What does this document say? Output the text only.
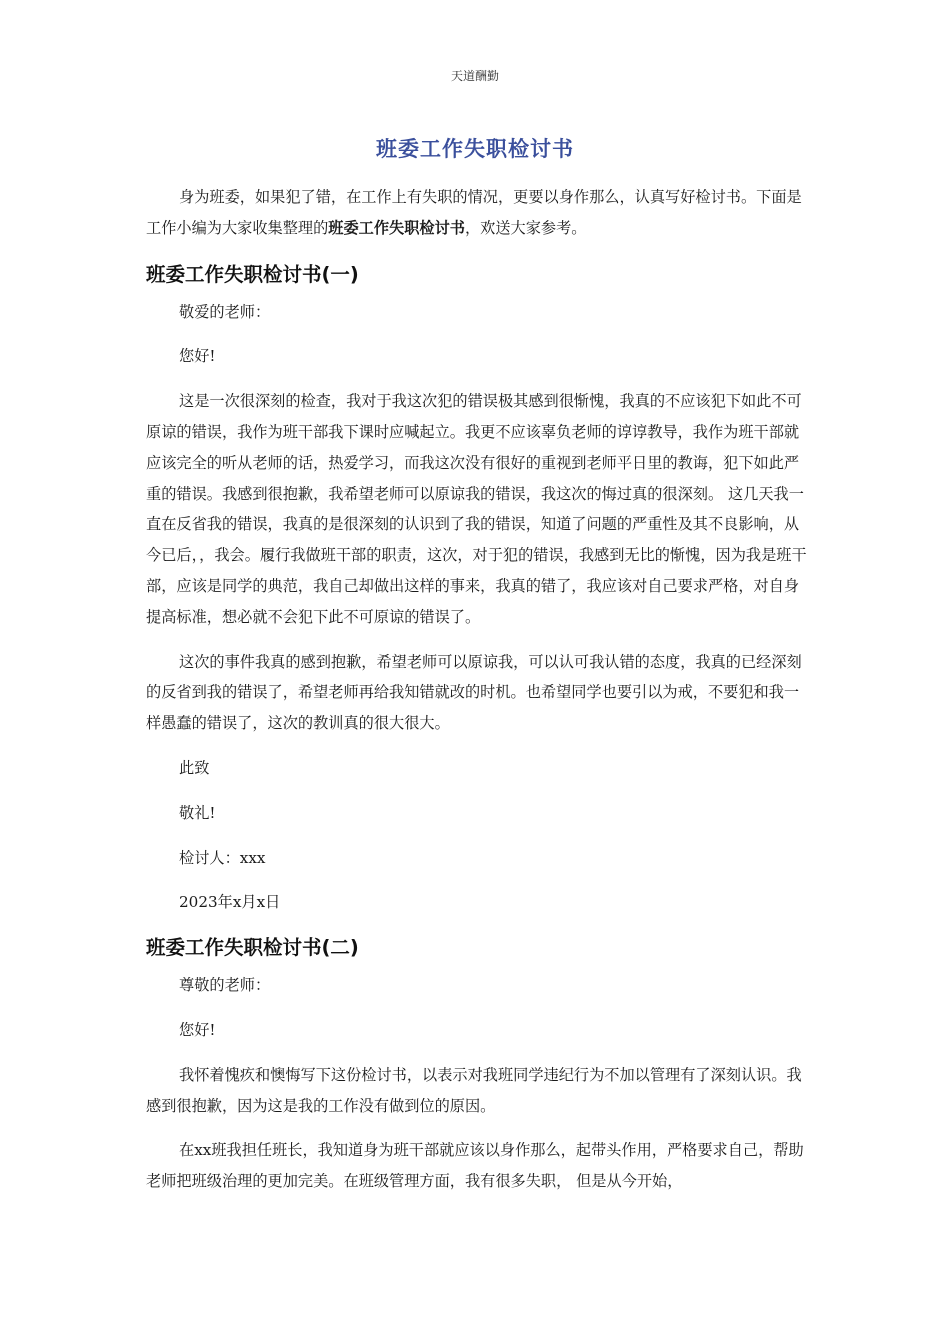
天道酬勤
班委工作失职检讨书

身为班委，如果犯了错，在工作上有失职的情况，更要以身作那么，认真写好检讨书。下面是工作小编为大家收集整理的班委工作失职检讨书，欢送大家参考。

班委工作失职检讨书(一)

敬爱的老师：

您好!

这是一次很深刻的检查，我对于我这次犯的错误极其感到很惭愧，我真的不应该犯下如此不可原谅的错误，我作为班干部我下课时应喊起立。我更不应该辜负老师的谆谆教导，我作为班干部就应该完全的听从老师的话，热爱学习，而我这次没有很好的重视到老师平日里的教诲，犯下如此严重的错误。我感到很抱歉，我希望老师可以原谅我的错误，我这次的悔过真的很深刻。 这几天我一直在反省我的错误，我真的是很深刻的认识到了我的错误，知道了问题的严重性及其不良影响，从今已后，，我会。履行我做班干部的职责，这次，对于犯的错误，我感到无比的惭愧，因为我是班干部，应该是同学的典范，我自己却做出这样的事来，我真的错了，我应该对自己要求严格，对自身提高标准，想必就不会犯下此不可原谅的错误了。

这次的事件我真的感到抱歉，希望老师可以原谅我，可以认可我认错的态度，我真的已经深刻的反省到我的错误了，希望老师再给我知错就改的时机。也希望同学也要引以为戒，不要犯和我一样愚蠢的错误了，这次的教训真的很大很大。

此致

敬礼!

检讨人：xxx

2023年x月x日

班委工作失职检讨书(二)

尊敬的老师：

您好!

我怀着愧疚和懊悔写下这份检讨书，以表示对我班同学违纪行为不加以管理有了深刻认识。我感到很抱歉，因为这是我的工作没有做到位的原因。

在xx班我担任班长，我知道身为班干部就应该以身作那么，起带头作用，严格要求自己，帮助老师把班级治理的更加完美。在班级管理方面，我有很多失职， 但是从今开始，
